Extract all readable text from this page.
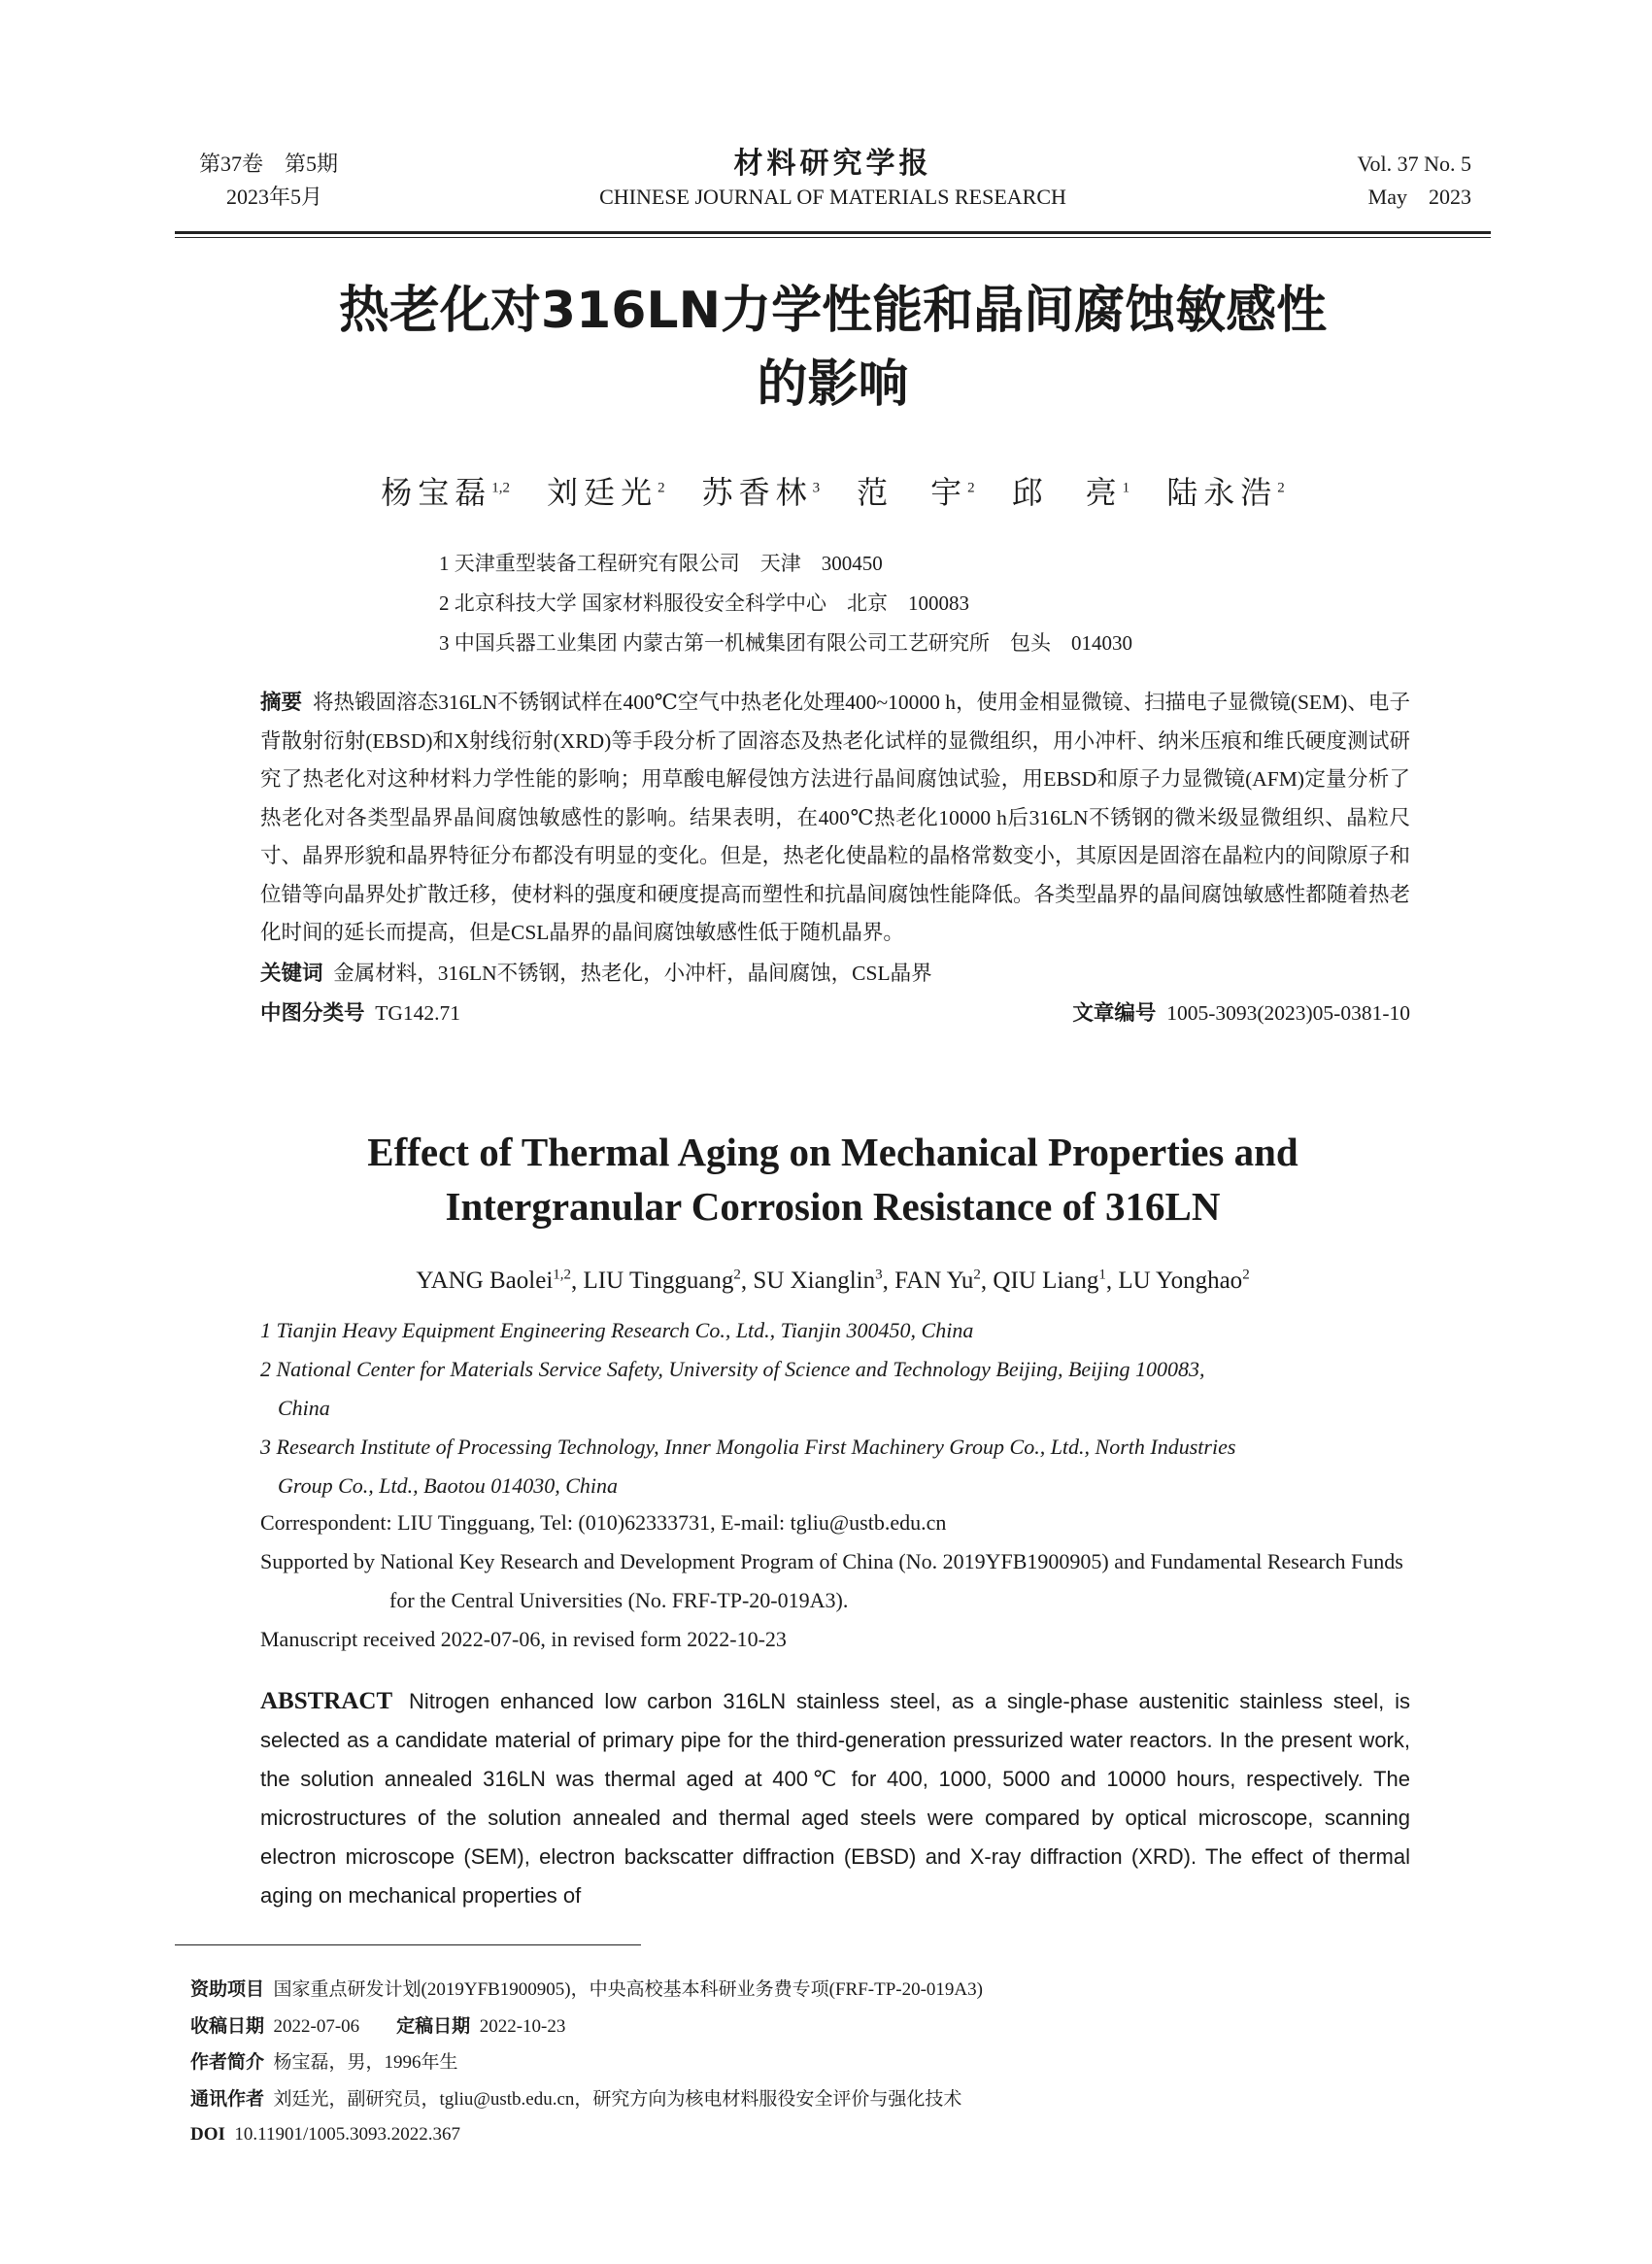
第37卷　第5期
2023年5月
材料研究学报
CHINESE JOURNAL OF MATERIALS RESEARCH
Vol. 37 No. 5
May　2023
热老化对316LN力学性能和晶间腐蚀敏感性
的影响
杨宝磊$^{1,2}$　 刘廷光$^2$　 苏香林$^3$　 范　宇$^2$　 邱　亮$^1$　 陆永浩$^2$
1 天津重型装备工程研究有限公司　天津　300450
2 北京科技大学 国家材料服役安全科学中心　北京　100083
3 中国兵器工业集团 内蒙古第一机械集团有限公司工艺研究所　包头　014030
摘要 将热锻固溶态316LN不锈钢试样在400℃空气中热老化处理400~10000 h，使用金相显微镜、扫描电子显微镜(SEM)、电子背散射衍射(EBSD)和X射线衍射(XRD)等手段分析了固溶态及热老化试样的显微组织，用小冲杆、纳米压痕和维氏硬度测试研究了热老化对这种材料力学性能的影响；用草酸电解侵蚀方法进行晶间腐蚀试验，用EBSD和原子力显微镜(AFM)定量分析了热老化对各类型晶界晶间腐蚀敏感性的影响。结果表明，在400℃热老化10000 h后316LN不锈钢的微米级显微组织、晶粒尺寸、晶界形貌和晶界特征分布都没有明显的变化。但是，热老化使晶粒的晶格常数变小，其原因是固溶在晶粒内的间隙原子和位错等向晶界处扩散迁移，使材料的强度和硬度提高而塑性和抗晶间腐蚀性能降低。各类型晶界的晶间腐蚀敏感性都随着热老化时间的延长而提高，但是CSL晶界的晶间腐蚀敏感性低于随机晶界。
关键词 金属材料，316LN不锈钢，热老化，小冲杆，晶间腐蚀，CSL晶界
中图分类号 TG142.71	文章编号 1005-3093(2023)05-0381-10
Effect of Thermal Aging on Mechanical Properties and
Intergranular Corrosion Resistance of 316LN
YANG Baolei$^{1,2}$, LIU Tingguang$^2$, SU Xianglin$^3$, FAN Yu$^2$, QIU Liang$^1$, LU Yonghao$^2$
1 Tianjin Heavy Equipment Engineering Research Co., Ltd., Tianjin 300450, China
2 National Center for Materials Service Safety, University of Science and Technology Beijing, Beijing 100083,
China
3 Research Institute of Processing Technology, Inner Mongolia First Machinery Group Co., Ltd., North Industries
Group Co., Ltd., Baotou 014030, China
Correspondent: LIU Tingguang, Tel: (010)62333731, E-mail: tgliu@ustb.edu.cn
Supported by National Key Research and Development Program of China (No. 2019YFB1900905) and Fundamental Research Funds for the Central Universities (No. FRF-TP-20-019A3).
Manuscript received 2022-07-06, in revised form 2022-10-23
ABSTRACT Nitrogen enhanced low carbon 316LN stainless steel, as a single-phase austenitic stainless steel, is selected as a candidate material of primary pipe for the third-generation pressurized water reactors. In the present work, the solution annealed 316LN was thermal aged at 400℃ for 400, 1000, 5000 and 10000 hours, respectively. The microstructures of the solution annealed and thermal aged steels were compared by optical microscope, scanning electron microscope (SEM), electron backscatter diffraction (EBSD) and X-ray diffraction (XRD). The effect of thermal aging on mechanical properties of
资助项目 国家重点研发计划(2019YFB1900905)，中央高校基本科研业务费专项(FRF-TP-20-019A3)
收稿日期 2022-07-06   定稿日期 2022-10-23
作者简介 杨宝磊，男，1996年生
通讯作者 刘廷光，副研究员，tgliu@ustb.edu.cn，研究方向为核电材料服役安全评价与强化技术
DOI 10.11901/1005.3093.2022.367
